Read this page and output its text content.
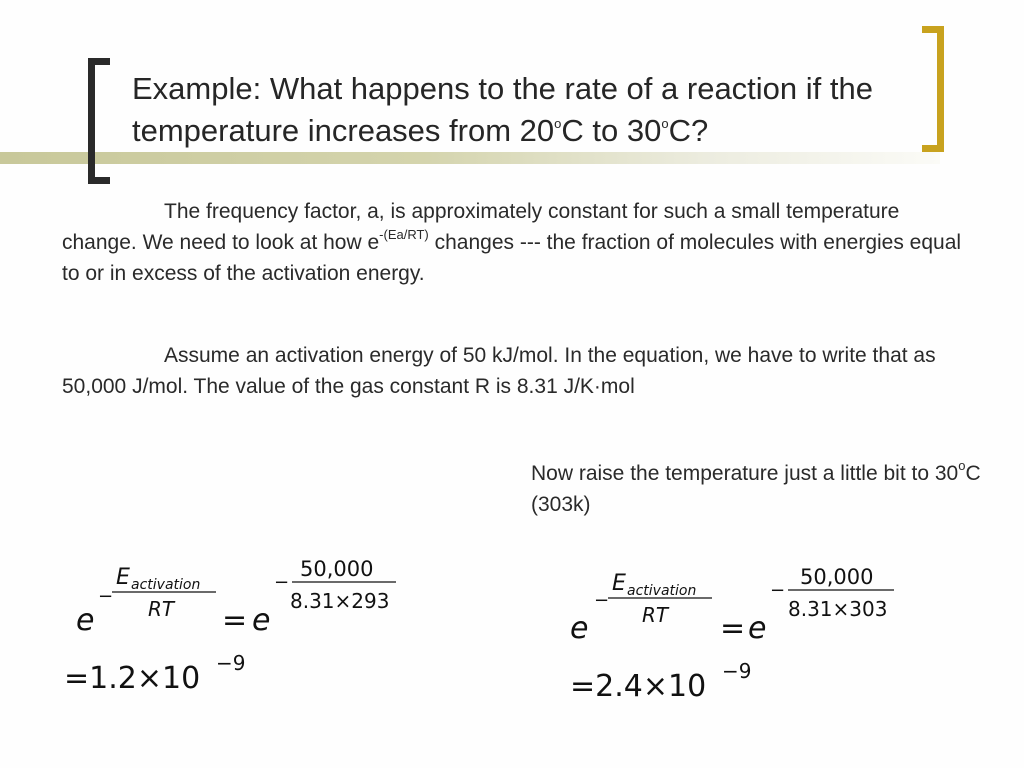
Example: What happens to the rate of a reaction if the temperature increases from 20$^o$C to 30$^o$C?
The frequency factor, a, is approximately constant for such a small temperature change. We need to look at how $e^{-(Ea/RT)}$ changes --- the fraction of molecules with energies equal to or in excess of the activation energy.
Assume an activation energy of 50 kJ/mol. In the equation, we have to write that as 50,000 J/mol. The value of the gas constant R is 8.31 J/K·mol
Now raise the temperature just a little bit to 30$^o$C (303k)
e
−
E activation
RT = e
−
50,000
8.31×293
=1.2×10 −9
e
−
E activation
RT = e
−
50,000
8.31×303
=2.4×10 −9
